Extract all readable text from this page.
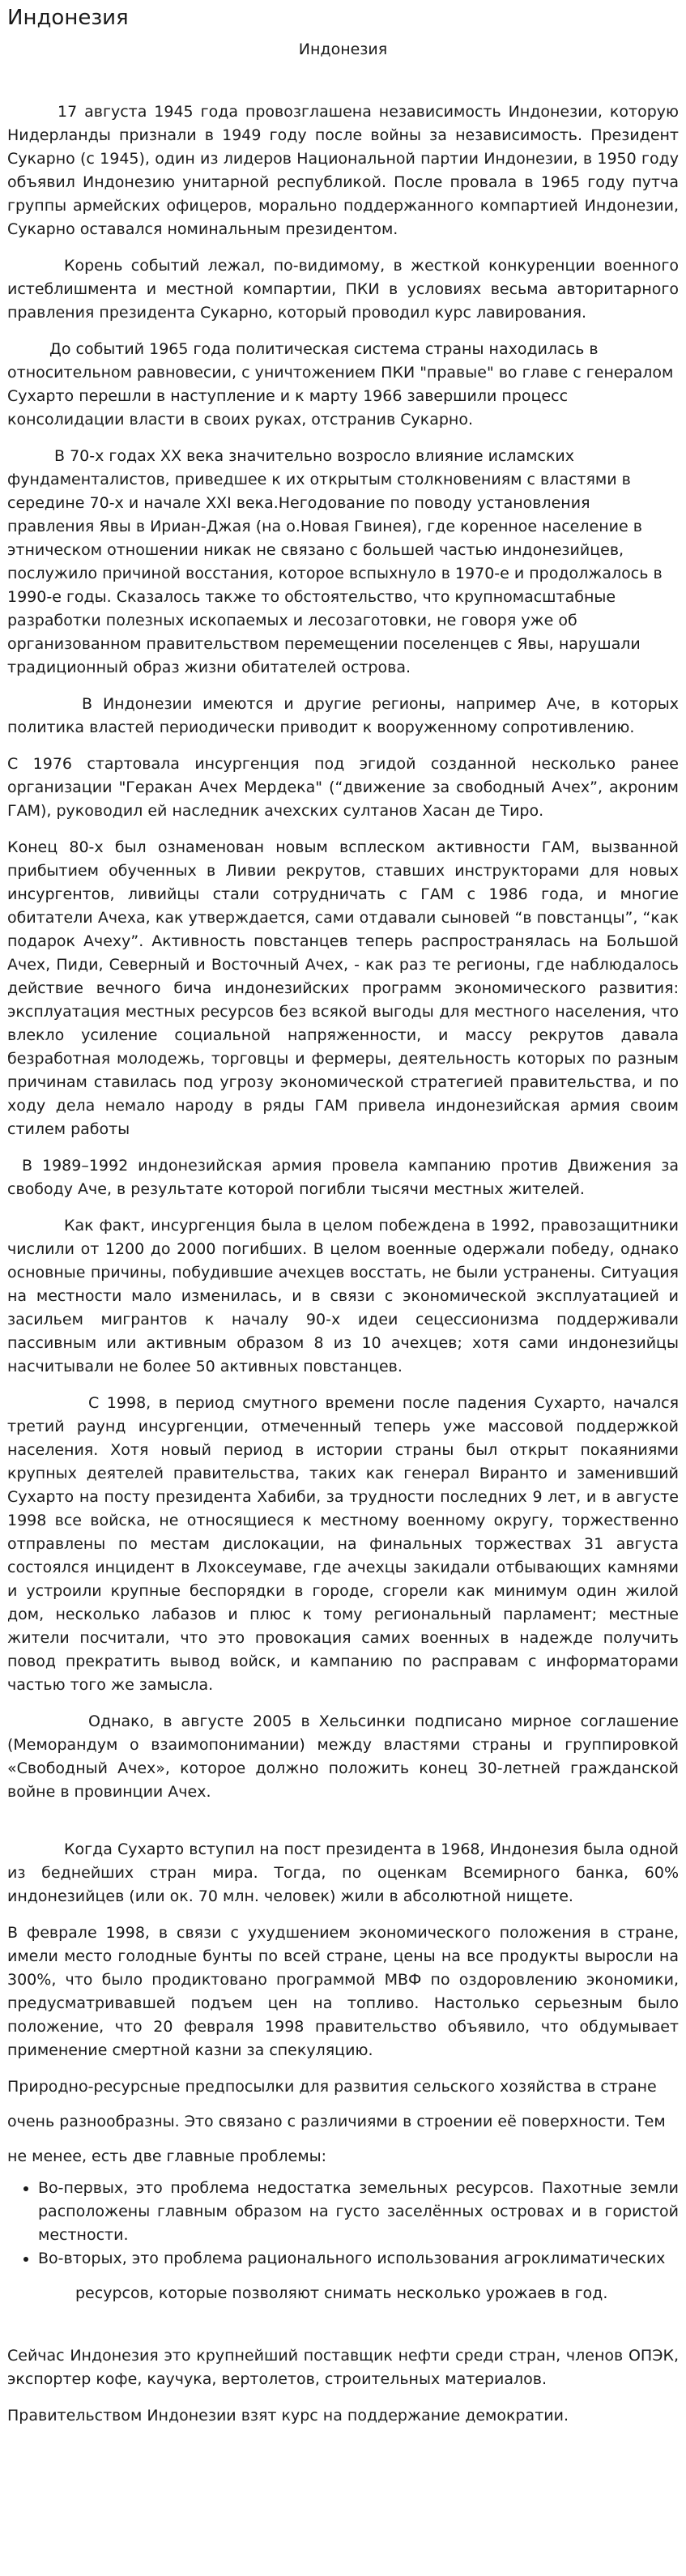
Индонезия
Индонезия

17 августа 1945 года провозглашена независимость Индонезии, которую Нидерланды признали в 1949 году после войны за независимость. Президент Сукарно (с 1945), один из лидеров Национальной партии Индонезии, в 1950 году объявил Индонезию унитарной республикой. После провала в 1965 году путча группы армейских офицеров, морально поддержанного компартией Индонезии, Сукарно оставался номинальным президентом.

Корень событий лежал, по-видимому, в жесткой конкуренции военного истеблишмента и местной компартии, ПКИ в условиях весьма авторитарного правления президента Сукарно, который проводил курс лавирования.

До событий 1965 года политическая система страны находилась в относительном равновесии, с уничтожением ПКИ "правые" во главе с генералом Сухарто перешли в наступление и к марту 1966 завершили процесс консолидации власти в своих руках, отстранив Сукарно.

В 70-х годах XX века значительно возросло влияние исламских фундаменталистов, приведшее к их открытым столкновениям с властями в середине 70-х и начале XXI века.Негодование по поводу установления правления Явы в Ириан-Джая (на о.Новая Гвинея), где коренное население в этническом отношении никак не связано с большей частью индонезийцев, послужило причиной восстания, которое вспыхнуло в 1970-е и продолжалось в 1990-е годы. Сказалось также то обстоятельство, что крупномасштабные разработки полезных ископаемых и лесозаготовки, не говоря уже об организованном правительством перемещении поселенцев с Явы, нарушали традиционный образ жизни обитателей острова.

В Индонезии имеются и другие регионы, например Аче, в которых политика властей периодически приводит к вооруженному сопротивлению.

С 1976 стартовала инсургенция под эгидой созданной несколько ранее организации "Геракан Ачех Мердека" (“движение за свободный Ачех”, акроним ГАМ), руководил ей наследник ачехских султанов Хасан де Тиро.

Конец 80-х был ознаменован новым всплеском активности ГАМ, вызванной прибытием обученных в Ливии рекрутов, ставших инструкторами для новых инсургентов, ливийцы стали сотрудничать с ГАМ с 1986 года, и многие обитатели Ачеха, как утверждается, сами отдавали сыновей “в повстанцы”, “как подарок Ачеху”. Активность повстанцев теперь распространялась на Большой Ачех, Пиди, Северный и Восточный Ачех, - как раз те регионы, где наблюдалось действие вечного бича индонезийских программ экономического развития: эксплуатация местных ресурсов без всякой выгоды для местного населения, что влекло усиление социальной напряженности, и массу рекрутов давала безработная молодежь, торговцы и фермеры, деятельность которых по разным причинам ставилась под угрозу экономической стратегией правительства, и по ходу дела немало народу в ряды ГАМ привела индонезийская армия своим стилем работы

В 1989–1992 индонезийская армия провела кампанию против Движения за свободу Аче, в результате которой погибли тысячи местных жителей.

Как факт, инсургенция была в целом побеждена в 1992, правозащитники числили от 1200 до 2000 погибших. В целом военные одержали победу, однако основные причины, побудившие ачехцев восстать, не были устранены. Ситуация на местности мало изменилась, и в связи с экономической эксплуатацией и засильем мигрантов к началу 90-х идеи сецессионизма поддерживали пассивным или активным образом 8 из 10 ачехцев; хотя сами индонезийцы насчитывали не более 50 активных повстанцев.

С 1998, в период смутного времени после падения Сухарто, начался третий раунд инсургенции, отмеченный теперь уже массовой поддержкой населения. Хотя новый период в истории страны был открыт покаяниями крупных деятелей правительства, таких как генерал Виранто и заменивший Сухарто на посту президента Хабиби, за трудности последних 9 лет, и в августе 1998 все войска, не относящиеся к местному военному округу, торжественно отправлены по местам дислокации, на финальных торжествах 31 августа состоялся инцидент в Лхоксеумаве, где ачехцы закидали отбывающих камнями и устроили крупные беспорядки в городе, сгорели как минимум один жилой дом, несколько лабазов и плюс к тому региональный парламент; местные жители посчитали, что это провокация самих военных в надежде получить повод прекратить вывод войск, и кампанию по расправам с информаторами частью того же замысла.

Однако, в августе 2005 в Хельсинки подписано мирное соглашение (Меморандум о взаимопонимании) между властями страны и группировкой «Свободный Ачех», которое должно положить конец 30-летней гражданской войне в провинции Ачех.

Когда Сухарто вступил на пост президента в 1968, Индонезия была одной из беднейших стран мира. Тогда, по оценкам Всемирного банка, 60% индонезийцев (или ок. 70 млн. человек) жили в абсолютной нищете.

В феврале 1998, в связи с ухудшением экономического положения в стране, имели место голодные бунты по всей стране, цены на все продукты выросли на 300%, что было продиктовано программой МВФ по оздоровлению экономики, предусматривавшей подъем цен на топливо. Настолько серьезным было положение, что 20 февраля 1998 правительство объявило, что обдумывает применение смертной казни за спекуляцию.

Природно-ресурсные предпосылки для развития сельского хозяйства в стране

очень разнообразны. Это связано с различиями в строении её поверхности. Тем

не менее, есть две главные проблемы:

• Во-первых, это проблема недостатка земельных ресурсов. Пахотные земли расположены главным образом на густо заселённых островах и в гористой местности.
• Во-вторых, это проблема рационального использования агроклиматических

ресурсов, которые позволяют снимать несколько урожаев в год.

Сейчас Индонезия это крупнейший поставщик нефти среди стран, членов ОПЭК, экспортер кофе, каучука, вертолетов, строительных материалов.

Правительством Индонезии взят курс на поддержание демократии.
